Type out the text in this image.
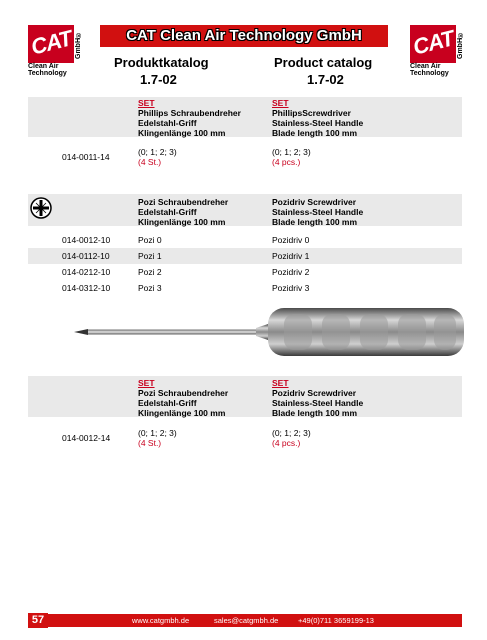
CAT GmbH®
Clean Air
Technology
CAT GmbH®
Clean Air
Technology
CAT Clean Air Technology GmbH
Produktkatalog	Product catalog
1.7-02	1.7-02
SET	SET
Phillips Schraubendreher	PhillipsScrewdriver
Edelstahl-Griff	Stainless-Steel Handle
Klingenlänge 100 mm	Blade length 100 mm
014-0011-14	(0; 1; 2; 3)	(0; 1; 2; 3)
(4 St.)	(4 pcs.)
Pozi Schraubendreher	Pozidriv Screwdriver
Edelstahl-Griff	Stainless-Steel Handle
Klingenlänge 100 mm	Blade length 100 mm
014-0012-10	Pozi 0	Pozidriv 0
014-0112-10	Pozi 1	Pozidriv 1
014-0212-10	Pozi 2	Pozidriv 2
014-0312-10	Pozi 3	Pozidriv 3
SET	SET
Pozi Schraubendreher	Pozidriv Screwdriver
Edelstahl-Griff	Stainless-Steel Handle
Klingenlänge 100 mm	Blade length 100 mm
014-0012-14	(0; 1; 2; 3)	(0; 1; 2; 3)
(4 St.)	(4 pcs.)
www.catgmbh.de	sales@catgmbh.de	+49(0)711 3659199-13
57
